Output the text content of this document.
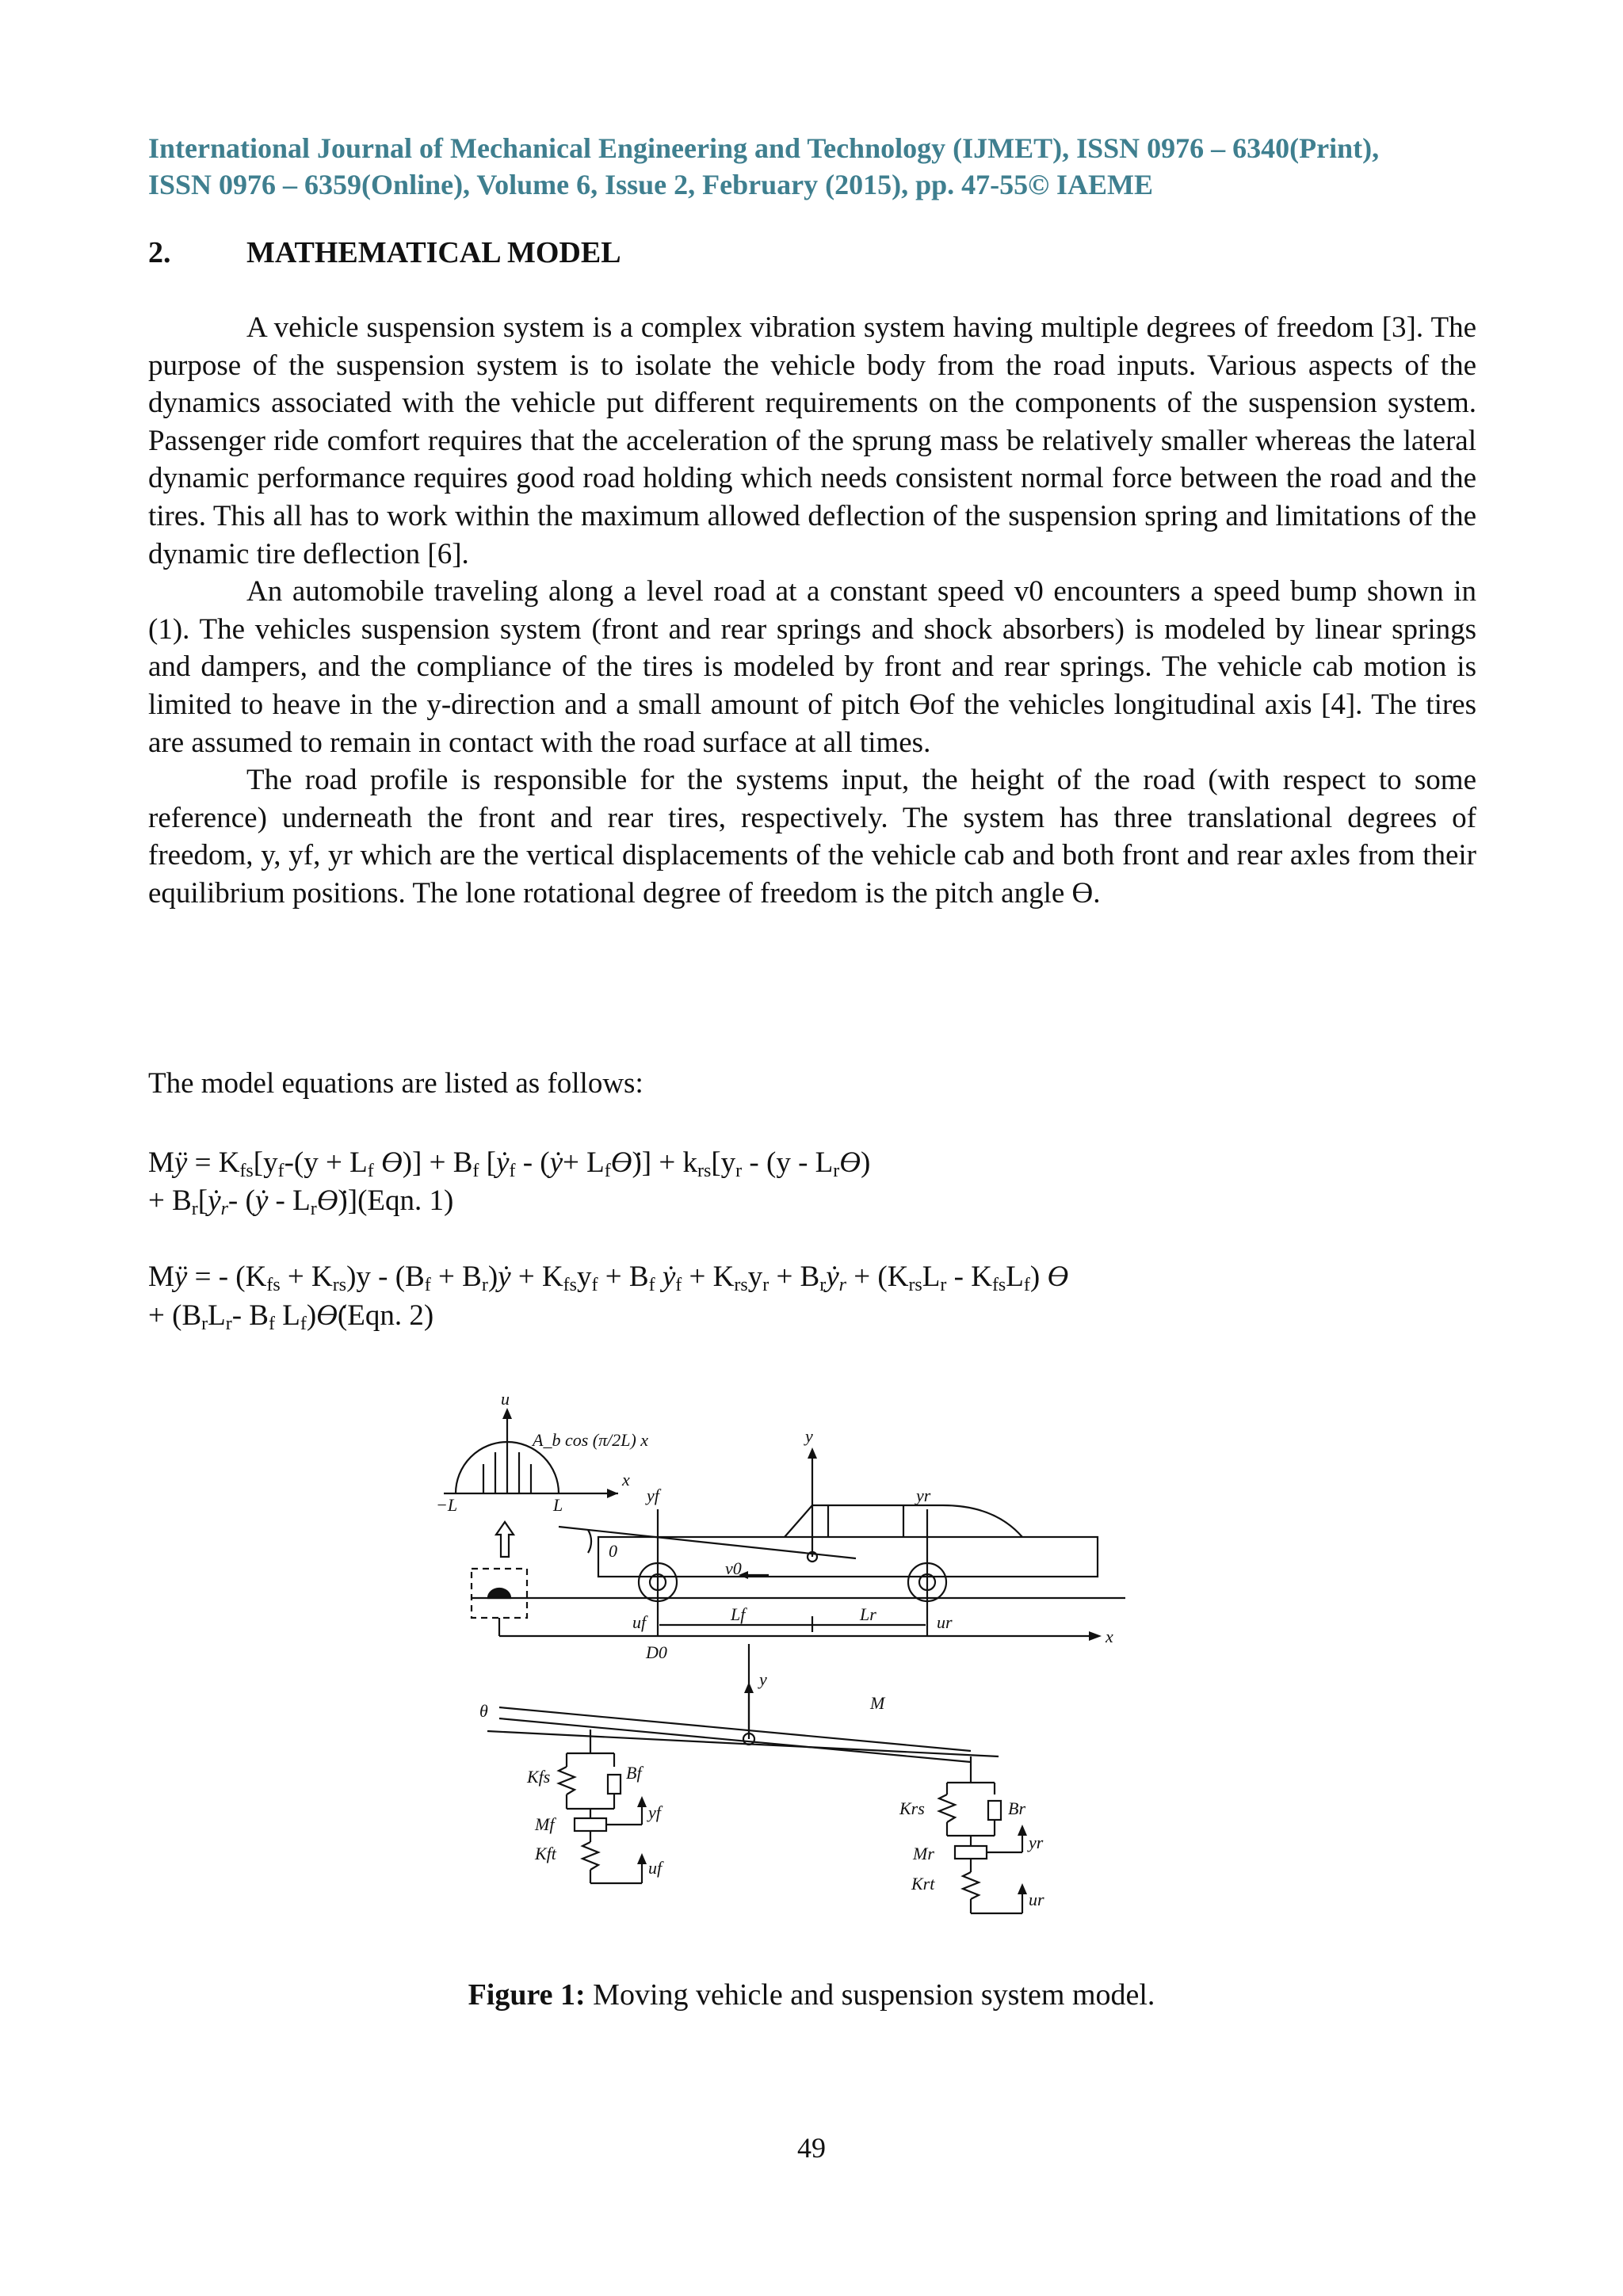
International Journal of Mechanical Engineering and Technology (IJMET), ISSN 0976 – 6340(Print),
ISSN 0976 – 6359(Online), Volume 6, Issue 2, February (2015), pp. 47-55© IAEME
2.	MATHEMATICAL MODEL

A vehicle suspension system is a complex vibration system having multiple degrees of freedom [3]. The purpose of the suspension system is to isolate the vehicle body from the road inputs. Various aspects of the dynamics associated with the vehicle put different requirements on the components of the suspension system. Passenger ride comfort requires that the acceleration of the sprung mass be relatively smaller whereas the lateral dynamic performance requires good road holding which needs consistent normal force between the road and the tires. This all has to work within the maximum allowed deflection of the suspension spring and limitations of the dynamic tire deflection [6].

An automobile traveling along a level road at a constant speed v0 encounters a speed bump shown in (1). The vehicles suspension system (front and rear springs and shock absorbers) is modeled by linear springs and dampers, and the compliance of the tires is modeled by front and rear springs. The vehicle cab motion is limited to heave in the y-direction and a small amount of pitch Ɵof the vehicles longitudinal axis [4]. The tires are assumed to remain in contact with the road surface at all times.

The road profile is responsible for the systems input, the height of the road (with respect to some reference) underneath the front and rear tires, respectively. The system has three translational degrees of freedom, y, yf, yr which are the vertical displacements of the vehicle cab and both front and rear axles from their equilibrium positions. The lone rotational degree of freedom is the pitch angle Ɵ.

The model equations are listed as follows:
Mÿ = $K_{fs}[y_f-(y + L_f$ Ɵ)] + $B_f$ [ẏ$_f$ - (ẏ+ $L_fƟ̇)] + k_{rs}[y_r - (y$ - $L_rƟ$)
+ $B_r[ẏ_r-$ (ẏ - $L_rƟ̇)](Eqn$. 1)
Mÿ = - $(K_{fs} + K_{rs})y - (B_f$ + $B_r)ẏ + K_{fs}y_f + B_f$ ẏ$_f$ + $K_{rs}y_r$ + $B_rẏ_r + (K_{rs}L_r - K_{fs}L_f)$ Ɵ
+ ($B_rL_r-$ $B_f$ $L_f)Ɵ̇(Eqn$. 2)
u
A_b cos (π/2L) x
x
−L	L
0
yf
y
yr
v0
uf	Lf	Lr	ur
x
D0
y
θ	M
Kfs	Bf
yf
Mf
Kft
uf
Krs	Br
yr
Mr
Krt
ur
Figure 1: Moving vehicle and suspension system model.
49
